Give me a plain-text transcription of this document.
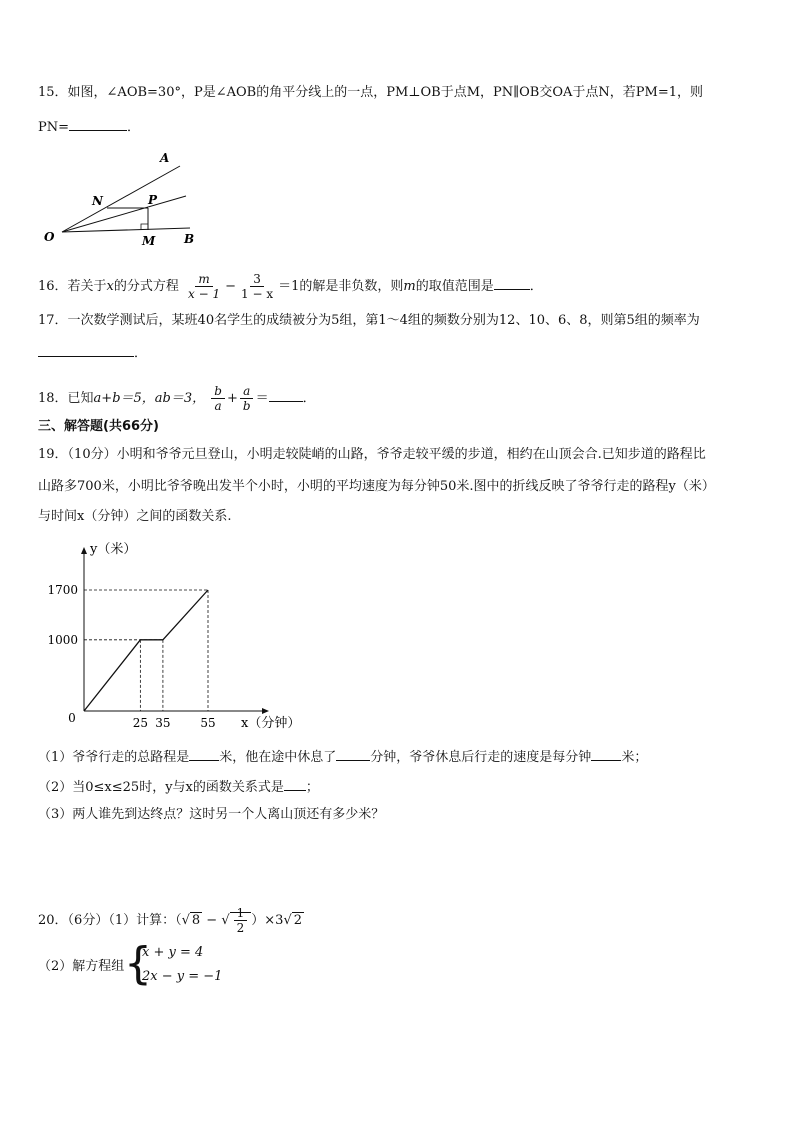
15．如图，∠AOB=30°，P是∠AOB的角平分线上的一点，PM⊥OB于点M，PN∥OB交OA于点N，若PM=1，则
PN=	．
A
N	P
O	M B
16．若关于x的分式方程 $\frac{m}{x - 1} - \frac{3}{1 - x} =1$的解是非负数，则m的取值范围是	．
17．一次数学测试后，某班40名学生的成绩被分为5组，第1～4组的频数分别为12、10、6、8，则第5组的频率为
．
18．已知a+b＝5，ab＝3， $\frac{b}{a} + \frac{a}{b}$ ＝	．
三、解答题(共66分)
19．（10分）小明和爷爷元旦登山，小明走较陡峭的山路，爷爷走较平缓的步道，相约在山顶会合.已知步道的路程比
山路多700米，小明比爷爷晚出发半个小时，小明的平均速度为每分钟50米.图中的折线反映了爷爷行走的路程y（米）
与时间x（分钟）之间的函数关系.
25 35 55
1000
1700
0	x（分钟）
y（米）
（1）爷爷行走的总路程是 米，他在途中休息了	分钟，爷爷休息后行走的速度是每分钟 米；
（2）当0≤x≤25时，y与x的函数关系式是 ；
（3）两人谁先到达终点？这时另一个人离山顶还有多少米？
20．（6分）（1）计算：（√ 8 − √ $\frac{1}{2} )\times 3√$ 2
（2）解方程组 {
x + y = 4
2x − y = −1
